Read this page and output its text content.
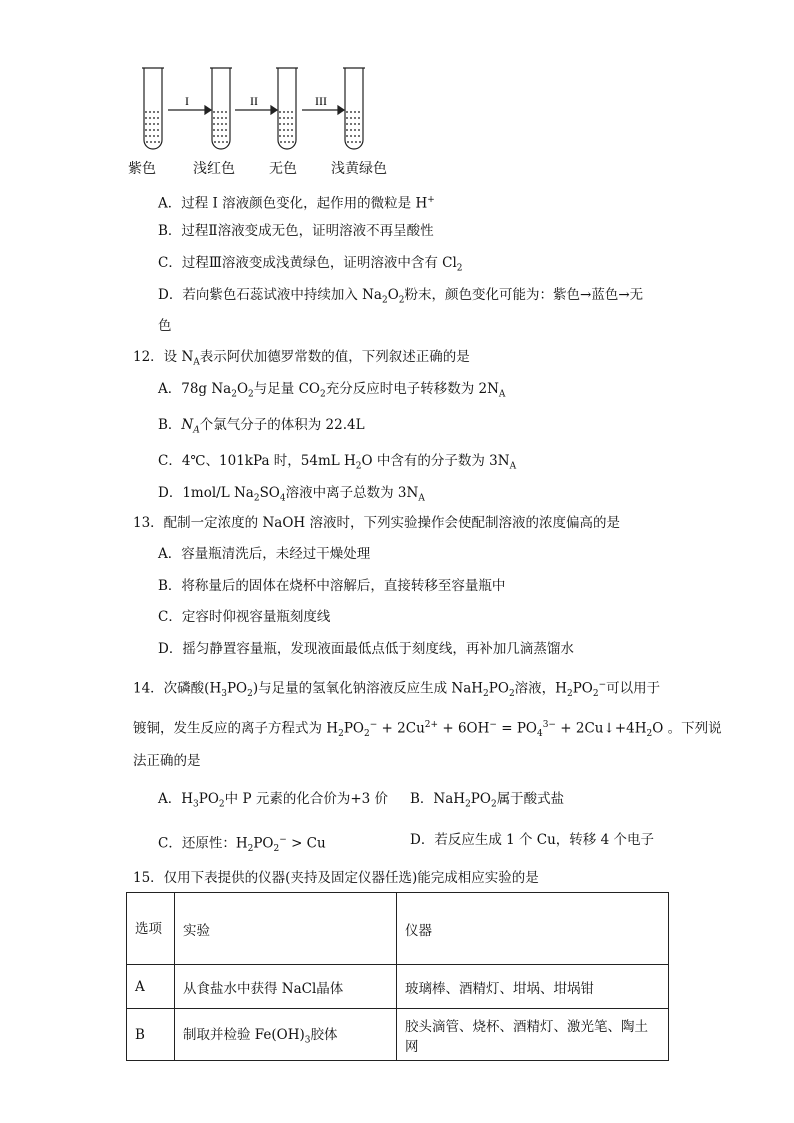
I	II	III
紫色	浅红色 无色 浅黄绿色
A．过程 I 溶液颜色变化，起作用的微粒是 H+
B．过程Ⅱ溶液变成无色，证明溶液不再呈酸性
C．过程Ⅲ溶液变成浅黄绿色，证明溶液中含有 $Cl_2$
D．若向紫色石蕊试液中持续加入 $Na_2O_2$粉末，颜色变化可能为：紫色→蓝色→无
色
12．设 $N_A$表示阿伏加德罗常数的值，下列叙述正确的是
A．78g $Na_2O_2$与足量 $CO_2$充分反应时电子转移数为 $2N_A$
B．$N_A$个氯气分子的体积为 22.4L
C．4℃、101kPa 时，54mL $H_2O$ 中含有的分子数为 $3N_A$
D．1mol/L $Na_2SO_4$溶液中离子总数为 $3N_A$
13．配制一定浓度的 NaOH 溶液时，下列实验操作会使配制溶液的浓度偏高的是
A．容量瓶清洗后，未经过干燥处理
B．将称量后的固体在烧杯中溶解后，直接转移至容量瓶中
C．定容时仰视容量瓶刻度线
D．摇匀静置容量瓶，发现液面最低点低于刻度线，再补加几滴蒸馏水
14．次磷酸$(H_3PO_2)$与足量的氢氧化钠溶液反应生成 $NaH_2PO_2$溶液，$H_2PO_2^-$可以用于
镀铜，发生反应的离子方程式为 $H_2PO_2^- + 2Cu^{2+} + 6OH^- = PO_4^{3-}$ + $2Cu↓+4H_2O$ 。下列说
法正确的是
A．$H_3PO_2$中 P 元素的化合价为+3 价 B．$NaH_2PO_2$属于酸式盐
C．还原性：$H_2PO_2^- > Cu$	D．若反应生成 1 个 Cu，转移 4 个电子
15．仅用下表提供的仪器(夹持及固定仪器任选)能完成相应实验的是
选项	实验	仪器
A	从食盐水中获得 NaCl晶体	玻璃棒、酒精灯、坩埚、坩埚钳
B	制取并检验 $Fe(OH)_3$胶体	胶头滴管、烧杯、酒精灯、激光笔、陶土网
